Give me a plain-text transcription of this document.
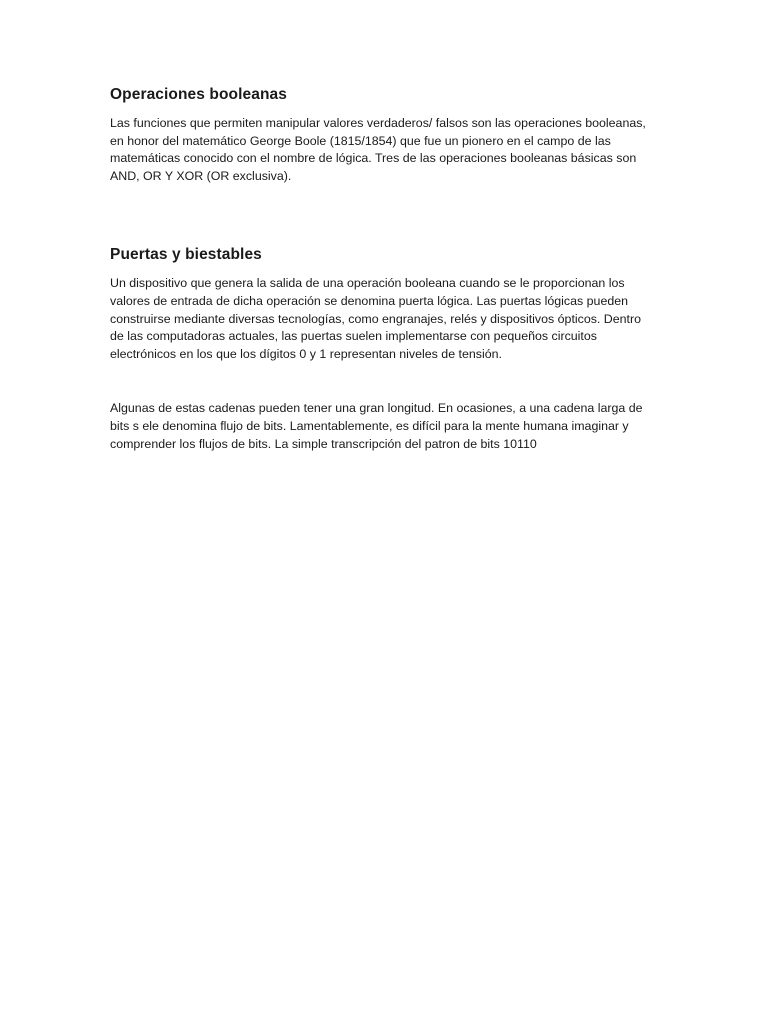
Operaciones booleanas

Las funciones que permiten manipular valores verdaderos/ falsos son las operaciones booleanas, en honor del matemático George Boole (1815/1854) que fue un pionero en el campo de las matemáticas conocido con el nombre de lógica. Tres de las operaciones booleanas básicas son AND, OR Y XOR (OR exclusiva).

Puertas y biestables

Un dispositivo que genera la salida de una operación booleana cuando se le proporcionan los valores de entrada de dicha operación se denomina puerta lógica. Las puertas lógicas pueden construirse mediante diversas tecnologías, como engranajes, relés y dispositivos ópticos. Dentro de las computadoras actuales, las puertas suelen implementarse con pequeños circuitos electrónicos en los que los dígitos 0 y 1 representan niveles de tensión.

Algunas de estas cadenas pueden tener una gran longitud. En ocasiones, a una cadena larga de bits s ele denomina flujo de bits. Lamentablemente, es difícil para la mente humana imaginar y comprender los flujos de bits. La simple transcripción del patron de bits 10110
